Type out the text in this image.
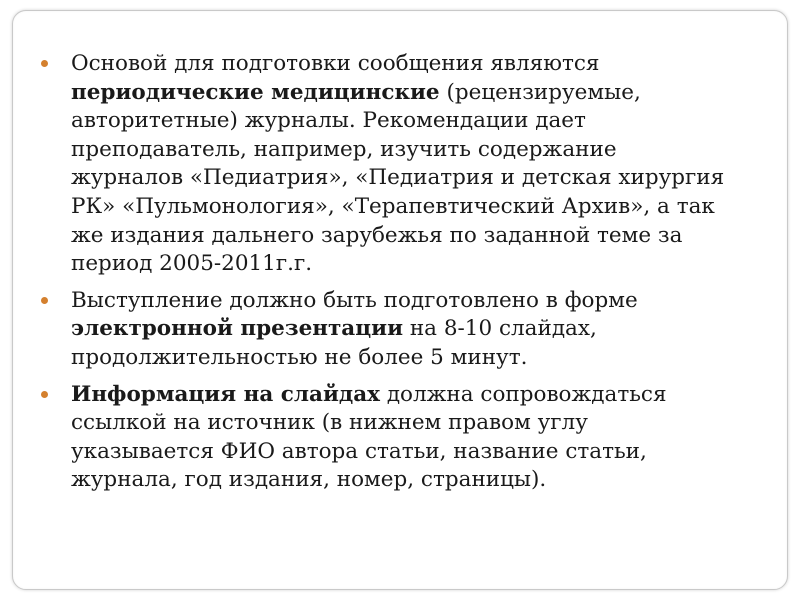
Основой для подготовки сообщения являются периодические медицинские (рецензируемые, авторитетные) журналы. Рекомендации дает преподаватель, например, изучить содержание журналов «Педиатрия», «Педиатрия и детская хирургия РК» «Пульмонология», «Терапевтический Архив», а так же издания дальнего зарубежья по заданной теме за период 2005-2011г.г.
Выступление должно быть подготовлено в форме электронной презентации на 8-10 слайдах, продолжительностью не более 5 минут.
Информация на слайдах должна сопровождаться ссылкой на источник (в нижнем правом углу указывается ФИО автора статьи, название статьи, журнала, год издания, номер, страницы).
